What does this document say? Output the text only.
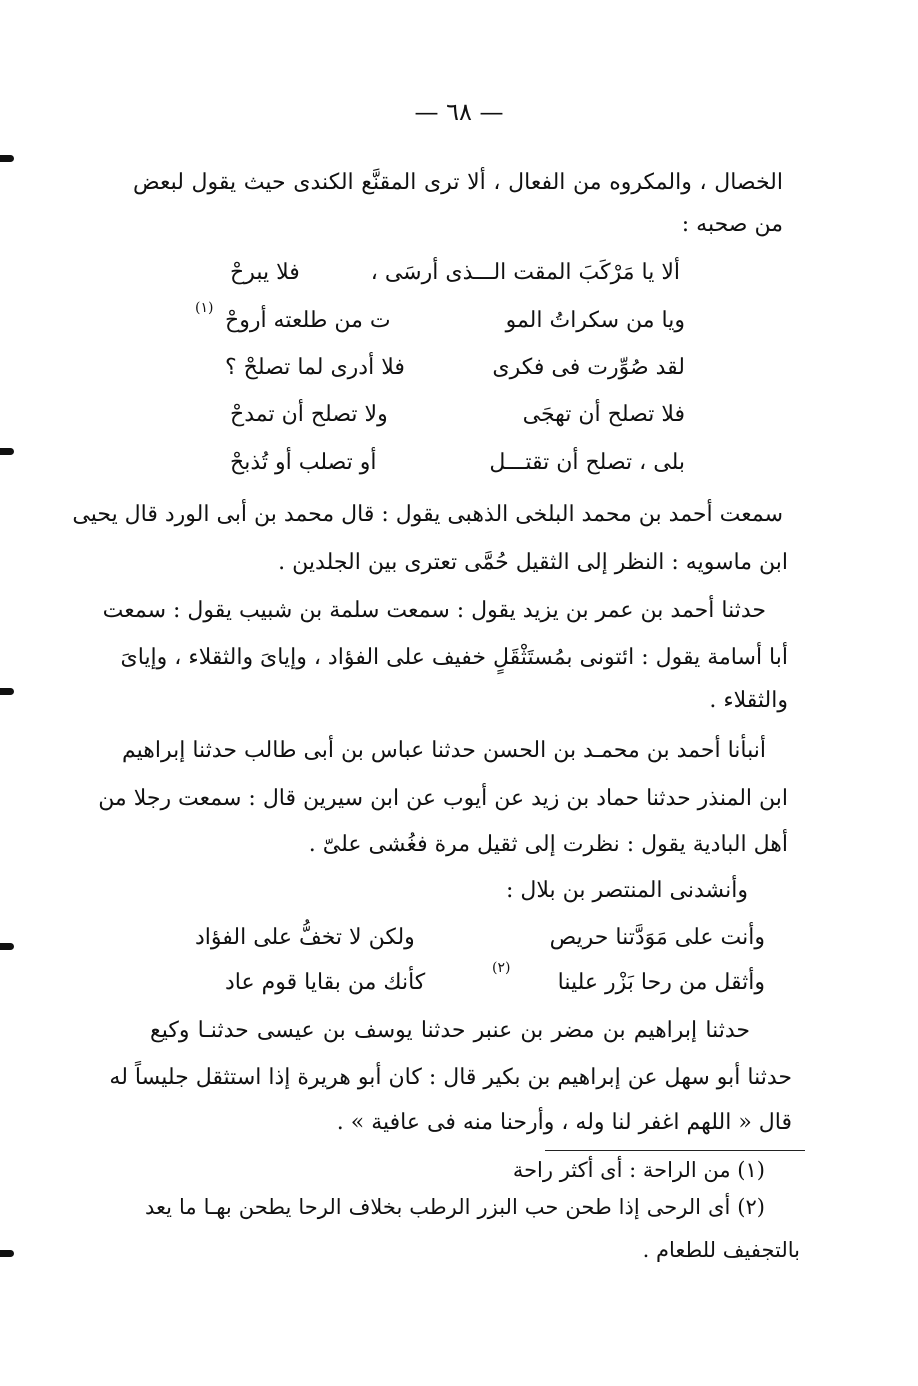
— ٦٨ —
الخصال ، والمكروه من الفعال ، ألا ترى المقنَّع الكندى حيث يقول لبعض
من صحبه :
ألا يا مَرْكَبَ المقت الـــذى أرسَى ،
فلا يبرحْ
ويا من سكراتُ المو
ت من طلعته أروحْ
(١)
لقد صُوِّرت فى فكرى
فلا أدرى لما تصلحْ ؟
فلا تصلح أن تهجَى
ولا تصلح أن تمدحْ
بلى ، تصلح أن تقتـــل
أو تصلب أو تُذبحْ
سمعت أحمد بن محمد البلخى الذهبى يقول : قال محمد بن أبى الورد قال يحيى
ابن ماسويه : النظر إلى الثقيل حُمَّى تعترى بين الجلدين .
حدثنا أحمد بن عمر بن يزيد يقول : سمعت سلمة بن شبيب يقول : سمعت
أبا أسامة يقول : ائتونى بمُستَثْقَلٍ خفيف على الفؤاد ، وإياىَ والثقلاء ، وإياىَ
والثقلاء .
أنبأنا أحمد بن محمـد بن الحسن حدثنا عباس بن أبى طالب حدثنا إبراهيم
ابن المنذر حدثنا حماد بن زيد عن أيوب عن ابن سيرين قال : سمعت رجلا من
أهل البادية يقول : نظرت إلى ثقيل مرة فغُشى علىّ .
وأنشدنى المنتصر بن بلال :
وأنت على مَوَدَّتنا حريص
ولكن لا تخفُّ على الفؤاد
وأثقل من رحا بَزْر علينا
(٢)
كأنك من بقايا قوم عاد
حدثنا إبراهيم بن مضر بن عنبر حدثنا يوسف بن عيسى حدثنـا وكيع
حدثنا أبو سهل عن إبراهيم بن بكير قال : كان أبو هريرة إذا استثقل جليساً له
قال « اللهم اغفر لنا وله ، وأرحنا منه فى عافية » .
(١) من الراحة : أى أكثر راحة
(٢) أى الرحى إذا طحن حب البزر الرطب بخلاف الرحا يطحن بهـا ما يعد
بالتجفيف للطعام .
